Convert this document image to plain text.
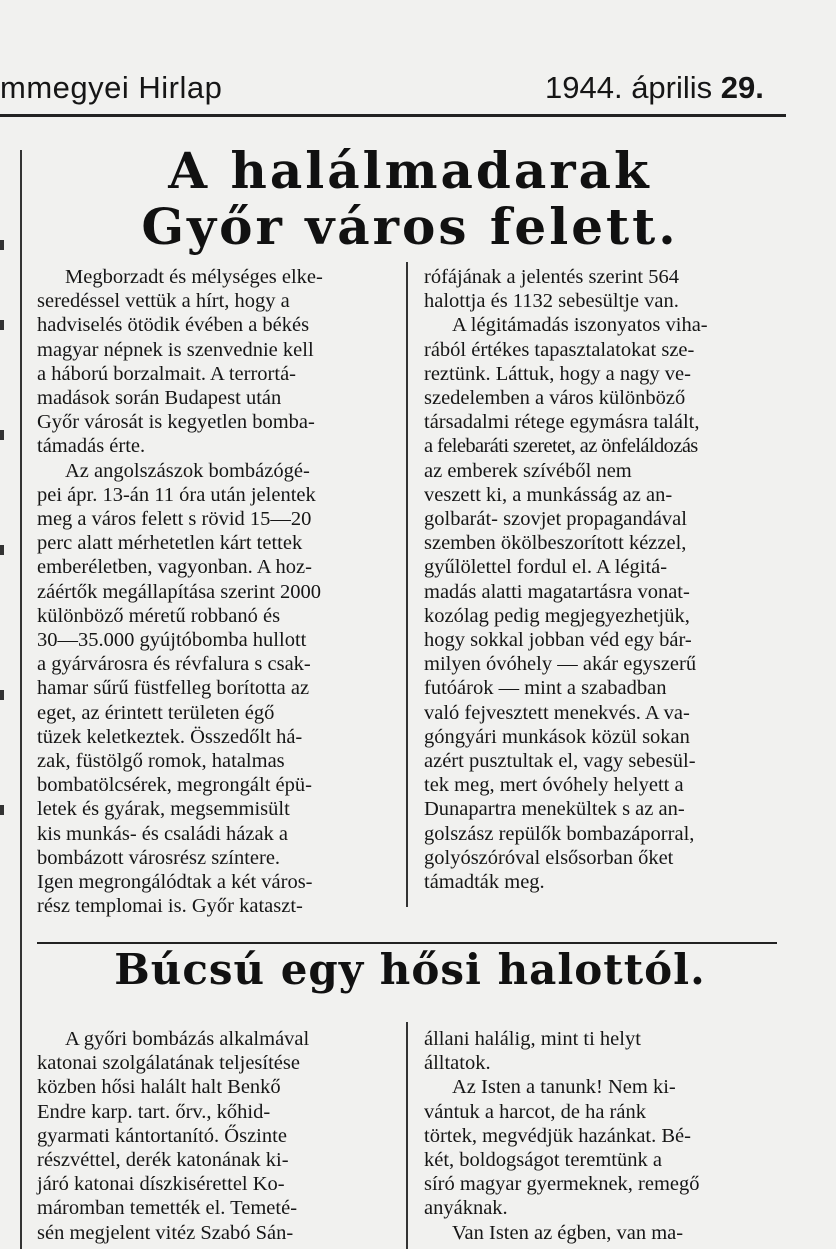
mmegyei Hirlap	1944. április 29.
A halálmadarak
Győr város felett.

Megborzadt és mélységes elke-

seredéssel vettük a hírt, hogy a

hadviselés ötödik évében a békés

magyar népnek is szenvednie kell

a háború borzalmait. A terrortá-

madások során Budapest után

Győr városát is kegyetlen bomba-

támadás érte.

Az angolszászok bombázógé-

pei ápr. 13-án 11 óra után jelentek

meg a város felett s rövid 15—20

perc alatt mérhetetlen kárt tettek

emberéletben, vagyonban. A hoz-

záértők megállapítása szerint 2000

különböző méretű robbanó és

30—35.000 gyújtóbomba hullott

a gyárvárosra és révfalura s csak-

hamar sűrű füstfelleg borította az

eget, az érintett területen égő

tüzek keletkeztek. Összedőlt há-

zak, füstölgő romok, hatalmas

bombatölcsérek, megrongált épü-

letek és gyárak, megsemmisült

kis munkás- és családi házak a

bombázott városrész színtere.

Igen megrongálódtak a két város-

rész templomai is. Győr kataszt-

rófájának a jelentés szerint 564

halottja és 1132 sebesültje van.

A légitámadás iszonyatos viha-

rából értékes tapasztalatokat sze-

reztünk. Láttuk, hogy a nagy ve-

szedelemben a város különböző

társadalmi rétege egymásra talált,

a felebaráti szeretet, az önfeláldozás

az emberek szívéből nem

veszett ki, a munkásság az an-

golbarát- szovjet propagandával

szemben ökölbeszorított kézzel,

gyűlölettel fordul el. A légitá-

madás alatti magatartásra vonat-

kozólag pedig megjegyezhetjük,

hogy sokkal jobban véd egy bár-

milyen óvóhely — akár egyszerű

futóárok — mint a szabadban

való fejvesztett menekvés. A va-

góngyári munkások közül sokan

azért pusztultak el, vagy sebesül-

tek meg, mert óvóhely helyett a

Dunapartra menekültek s az an-

golszász repülők bombazáporral,

golyószóróval elsősorban őket

támadták meg.

Búcsú egy hősi halottól.

A győri bombázás alkalmával

katonai szolgálatának teljesítése

közben hősi halált halt Benkő

Endre karp. tart. őrv., kőhid-

gyarmati kántortanító. Őszinte

részvéttel, derék katonának ki-

járó katonai díszkisérettel Ko-

máromban temették el. Temeté-

sén megjelent vitéz Szabó Sán-

állani halálig, mint ti helyt

álltatok.

Az Isten a tanunk! Nem ki-

vántuk a harcot, de ha ránk

törtek, megvédjük hazánkat. Bé-

két, boldogságot teremtünk a

síró magyar gyermeknek, remegő

anyáknak.

Van Isten az égben, van ma-
